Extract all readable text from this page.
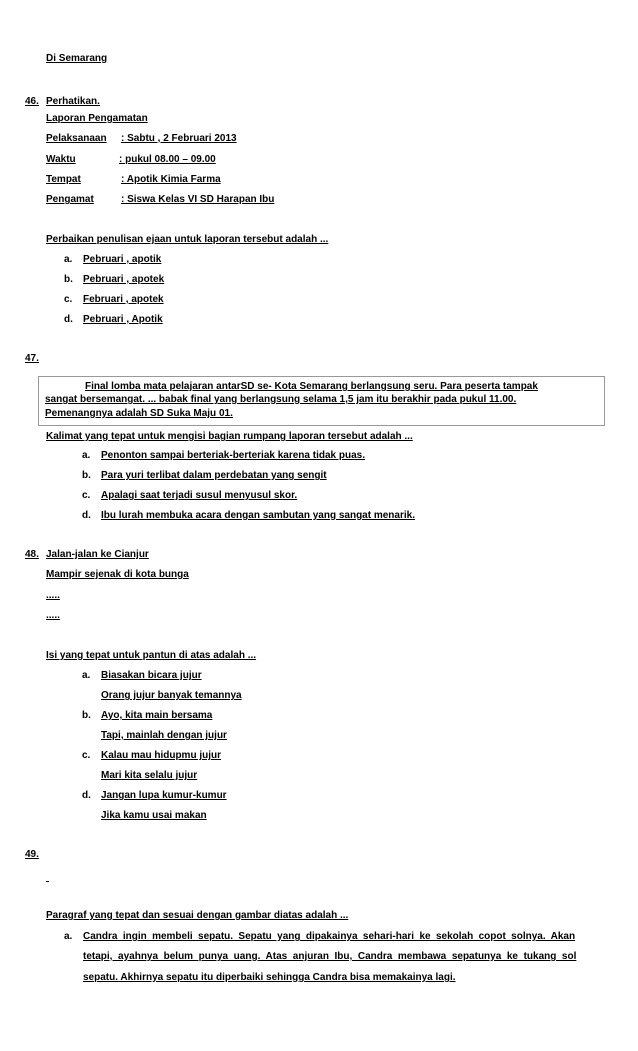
Di Semarang
46. Perhatikan.
Laporan Pengamatan
Pelaksanaan	: Sabtu , 2 Februari 2013
Waktu	: pukul 08.00 – 09.00
Tempat	: Apotik Kimia Farma
Pengamat	: Siswa Kelas VI SD Harapan Ibu
Perbaikan penulisan ejaan untuk laporan tersebut adalah ...
a. Pebruari , apotik
b. Pebruari , apotek
c. Februari , apotek
d. Pebruari , Apotik
47.
Final lomba mata pelajaran antarSD se- Kota Semarang berlangsung seru. Para peserta tampak
sangat bersemangat. ... babak final yang berlangsung selama 1,5 jam itu berakhir pada pukul 11.00.
Pemenangnya adalah SD Suka Maju 01.
Kalimat yang tepat untuk mengisi bagian rumpang laporan tersebut adalah ...
a. Penonton sampai berteriak-berteriak karena tidak puas.
b. Para yuri terlibat dalam perdebatan yang sengit
c. Apalagi saat terjadi susul menyusul skor.
d. Ibu lurah membuka acara dengan sambutan yang sangat menarik.
48. Jalan-jalan ke Cianjur
Mampir sejenak di kota bunga
.....
.....
Isi yang tepat untuk pantun di atas adalah ...
a. Biasakan bicara jujur
Orang jujur banyak temannya
b. Ayo, kita main bersama
Tapi, mainlah dengan jujur
c. Kalau mau hidupmu jujur
Mari kita selalu jujur
d. Jangan lupa kumur-kumur
Jika kamu usai makan
49.
Paragraf yang tepat dan sesuai dengan gambar diatas adalah ...
a. Candra ingin membeli sepatu. Sepatu yang dipakainya sehari-hari ke sekolah copot solnya. Akan
tetapi, ayahnya belum punya uang. Atas anjuran Ibu, Candra membawa sepatunya ke tukang sol
sepatu. Akhirnya sepatu itu diperbaiki sehingga Candra bisa memakainya lagi.
